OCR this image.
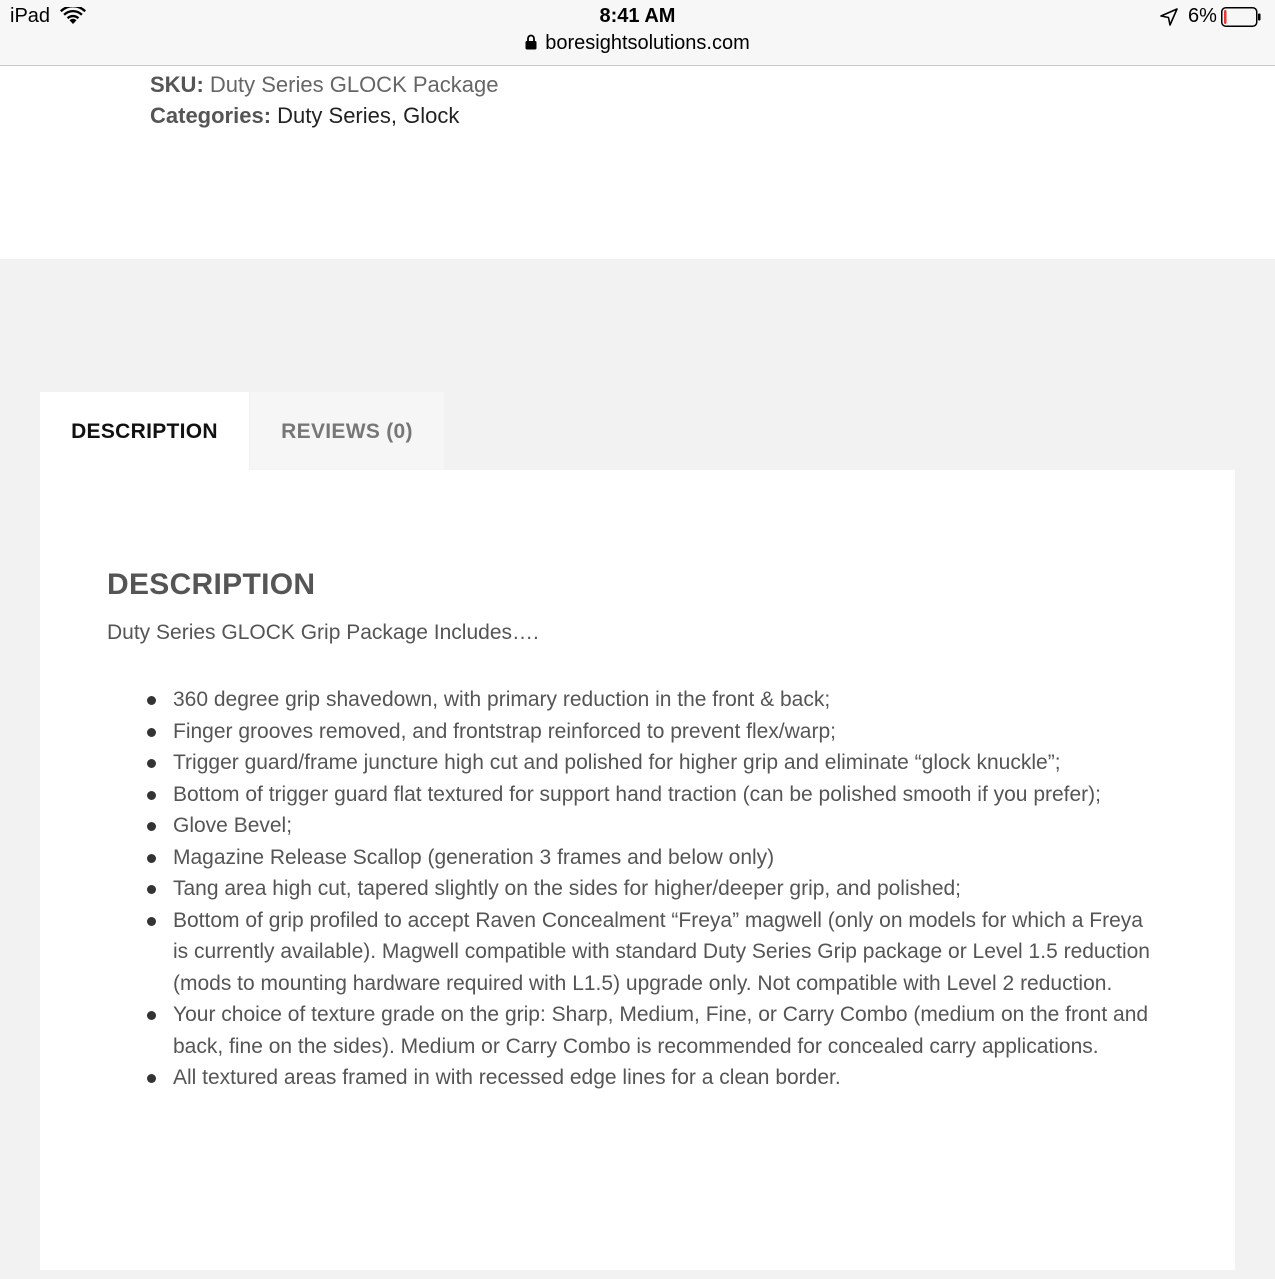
iPad	8:41 AM
boresightsolutions.com
6%
SKU: Duty Series GLOCK Package
Categories: Duty Series, Glock
DESCRIPTION	REVIEWS (0)
DESCRIPTION

Duty Series GLOCK Grip Package Includes….

360 degree grip shavedown, with primary reduction in the front & back;
Finger grooves removed, and frontstrap reinforced to prevent flex/warp;
Trigger guard/frame juncture high cut and polished for higher grip and eliminate “glock knuckle”;
Bottom of trigger guard flat textured for support hand traction (can be polished smooth if you prefer);
Glove Bevel;
Magazine Release Scallop (generation 3 frames and below only)
Tang area high cut, tapered slightly on the sides for higher/deeper grip, and polished;
Bottom of grip profiled to accept Raven Concealment “Freya” magwell (only on models for which a Freya is currently available). Magwell compatible with standard Duty Series Grip package or Level 1.5 reduction (mods to mounting hardware required with L1.5) upgrade only. Not compatible with Level 2 reduction.
Your choice of texture grade on the grip: Sharp, Medium, Fine, or Carry Combo (medium on the front and back, fine on the sides). Medium or Carry Combo is recommended for concealed carry applications.
All textured areas framed in with recessed edge lines for a clean border.
